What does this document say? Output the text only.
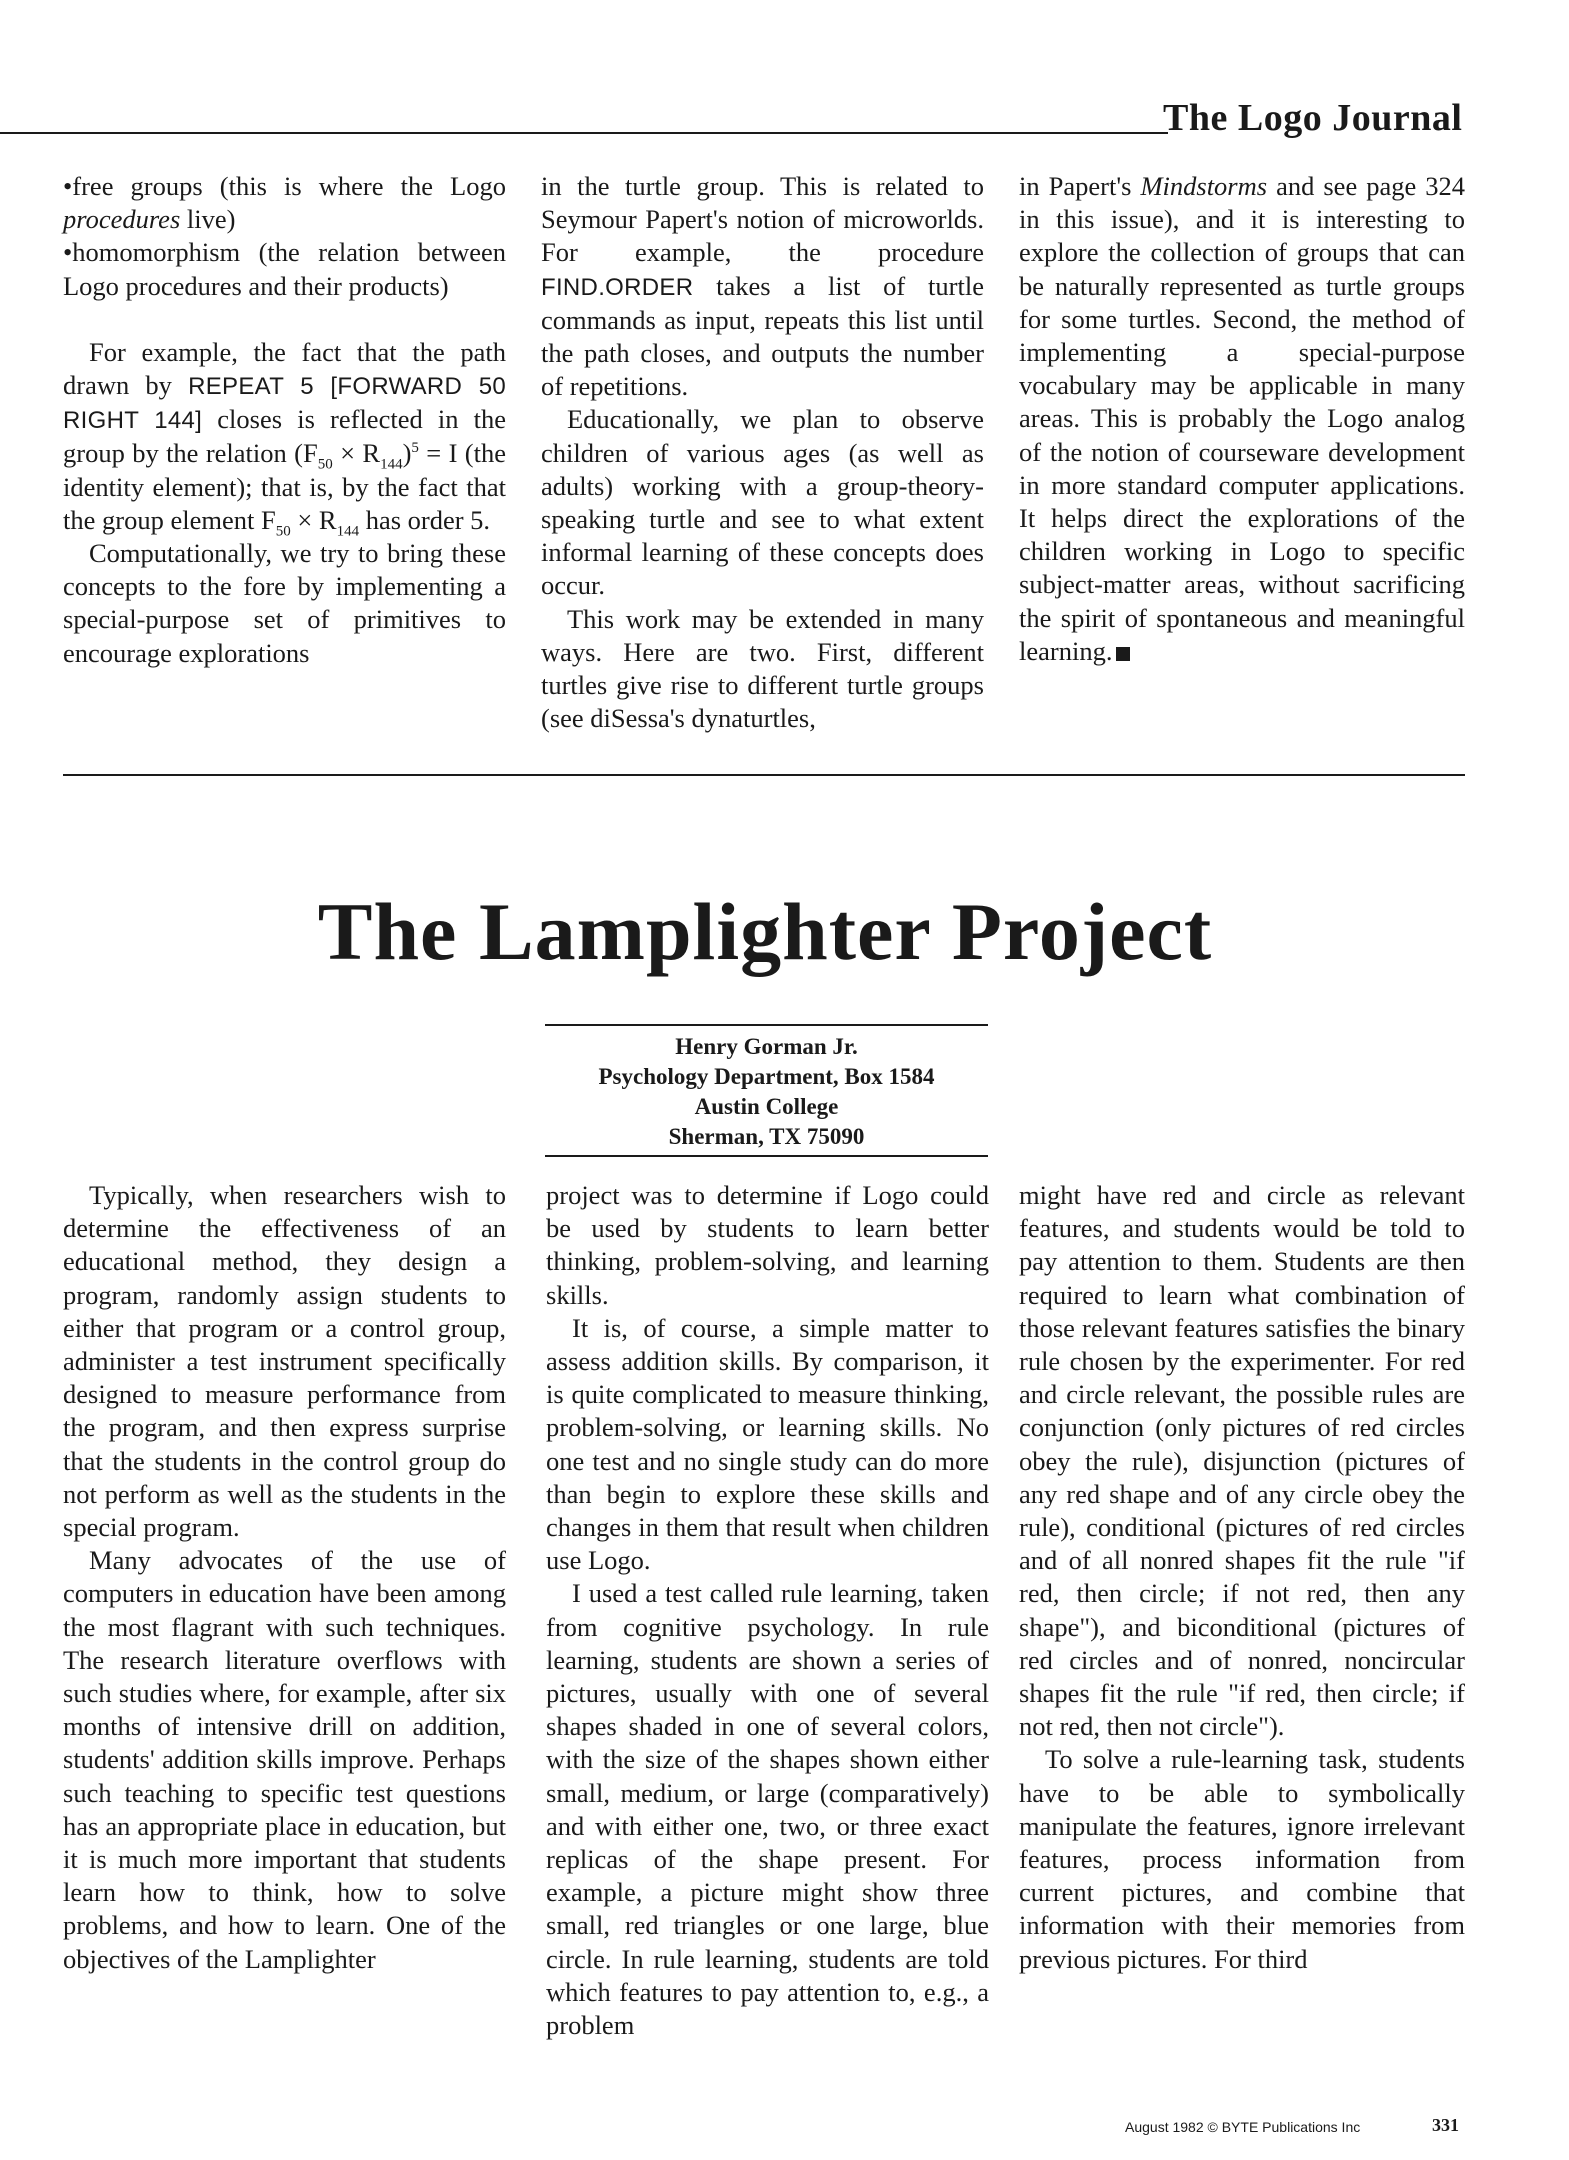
The Logo Journal

•free groups (this is where the Logo procedures live)

•homomorphism (the relation between Logo procedures and their products)

For example, the fact that the path drawn by REPEAT 5 [FORWARD 50 RIGHT 144] closes is reflected in the group by the relation $(F_{50} \times R_{144})^5 = I$ (the identity element); that is, by the fact that the group element $F_{50} \times R_{144}$ has order 5.

Computationally, we try to bring these concepts to the fore by implementing a special-purpose set of primitives to encourage explorations

in the turtle group. This is related to Seymour Papert's notion of microworlds. For example, the procedure FIND.ORDER takes a list of turtle commands as input, repeats this list until the path closes, and outputs the number of repetitions.

Educationally, we plan to observe children of various ages (as well as adults) working with a group-theory-speaking turtle and see to what extent informal learning of these concepts does occur.

This work may be extended in many ways. Here are two. First, different turtles give rise to different turtle groups (see diSessa's dynaturtles,

in Papert's Mindstorms and see page 324 in this issue), and it is interesting to explore the collection of groups that can be naturally represented as turtle groups for some turtles. Second, the method of implementing a special-purpose vocabulary may be applicable in many areas. This is probably the Logo analog of the notion of courseware development in more standard computer applications. It helps direct the explorations of the children working in Logo to specific subject-matter areas, without sacrificing the spirit of spontaneous and meaningful learning.

The Lamplighter Project
Henry Gorman Jr.
Psychology Department, Box 1584
Austin College
Sherman, TX 75090

Typically, when researchers wish to determine the effectiveness of an educational method, they design a program, randomly assign students to either that program or a control group, administer a test instrument specifically designed to measure performance from the program, and then express surprise that the students in the control group do not perform as well as the students in the special program.

Many advocates of the use of computers in education have been among the most flagrant with such techniques. The research literature overflows with such studies where, for example, after six months of intensive drill on addition, students' addition skills improve. Perhaps such teaching to specific test questions has an appropriate place in education, but it is much more important that students learn how to think, how to solve problems, and how to learn. One of the objectives of the Lamplighter

project was to determine if Logo could be used by students to learn better thinking, problem-solving, and learning skills.

It is, of course, a simple matter to assess addition skills. By comparison, it is quite complicated to measure thinking, problem-solving, or learning skills. No one test and no single study can do more than begin to explore these skills and changes in them that result when children use Logo.

I used a test called rule learning, taken from cognitive psychology. In rule learning, students are shown a series of pictures, usually with one of several shapes shaded in one of several colors, with the size of the shapes shown either small, medium, or large (comparatively) and with either one, two, or three exact replicas of the shape present. For example, a picture might show three small, red triangles or one large, blue circle. In rule learning, students are told which features to pay attention to, e.g., a problem

might have red and circle as relevant features, and students would be told to pay attention to them. Students are then required to learn what combination of those relevant features satisfies the binary rule chosen by the experimenter. For red and circle relevant, the possible rules are conjunction (only pictures of red circles obey the rule), disjunction (pictures of any red shape and of any circle obey the rule), conditional (pictures of red circles and of all nonred shapes fit the rule "if red, then circle; if not red, then any shape"), and biconditional (pictures of red circles and of nonred, noncircular shapes fit the rule "if red, then circle; if not red, then not circle").

To solve a rule-learning task, students have to be able to symbolically manipulate the features, ignore irrelevant features, process information from current pictures, and combine that information with their memories from previous pictures. For third

August 1982 © BYTE Publications Inc	331
